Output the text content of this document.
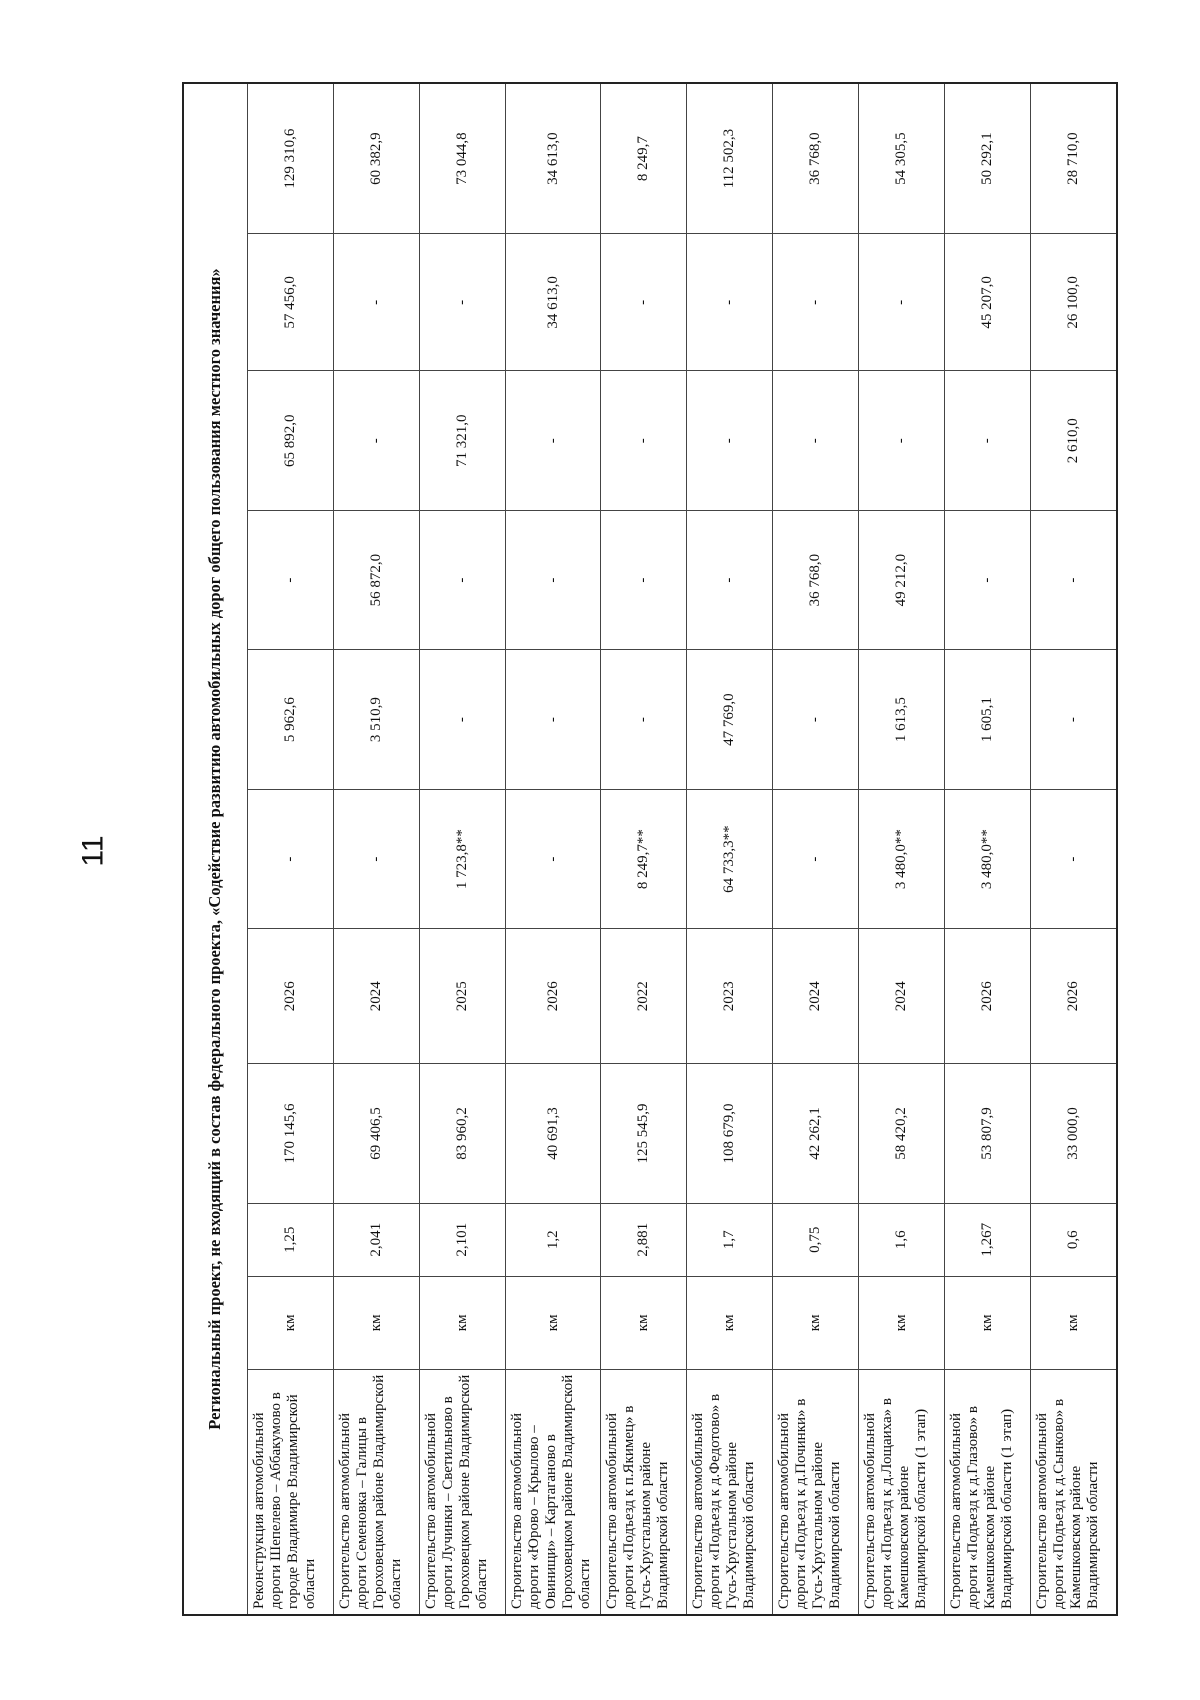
11	Региональный проект, не входящий в состав федерального проекта, «Содействие развитию автомобильных дорог общего пользования местного значения»										
Реконструкция автомобильной дороги Шепелево – Аббакумово в городе Владимире Владимирской области	км	1,25	170 145,6	2026	-	5 962,6	-	65 892,0	57 456,0	129 310,6
Строительство автомобильной дороги Семеновка – Галицы в Гороховецком районе Владимирской области	км	2,041	69 406,5	2024	-	3 510,9	56 872,0	-	-	60 382,9
Строительство автомобильной дороги Лучинки – Светильново в Гороховецком районе Владимирской области	км	2,101	83 960,2	2025	1 723,8**	-	-	71 321,0	-	73 044,8
Строительство автомобильной дороги «Юрово – Крылово – Овинищи» – Картаганово в Гороховецком районе Владимирской области	км	1,2	40 691,3	2026	-	-	-	-	34 613,0	34 613,0
Строительство автомобильной дороги «Подъезд к п.Якимец» в Гусь-Хрустальном районе Владимирской области	км	2,881	125 545,9	2022	8 249,7**	-	-	-	-	8 249,7
Строительство автомобильной дороги «Подъезд к д.Федотово» в Гусь-Хрустальном районе Владимирской области	км	1,7	108 679,0	2023	64 733,3**	47 769,0	-	-	-	112 502,3
Строительство автомобильной дороги «Подъезд к д.Починки» в Гусь-Хрустальном районе Владимирской области	км	0,75	42 262,1	2024	-	-	36 768,0	-	-	36 768,0
Строительство автомобильной дороги «Подъезд к д.Лощаиха» в Камешковском районе Владимирской области (1 этап)	км	1,6	58 420,2	2024	3 480,0**	1 613,5	49 212,0	-	-	54 305,5
Строительство автомобильной дороги «Подъезд к д.Глазово» в Камешковском районе Владимирской области (1 этап)	км	1,267	53 807,9	2026	3 480,0**	1 605,1	-	-	45 207,0	50 292,1
Строительство автомобильной дороги «Подъезд к д.Сынково» в Камешковском районе Владимирской области	км	0,6	33 000,0	2026	-	-	-	2 610,0	26 100,0	28 710,0
